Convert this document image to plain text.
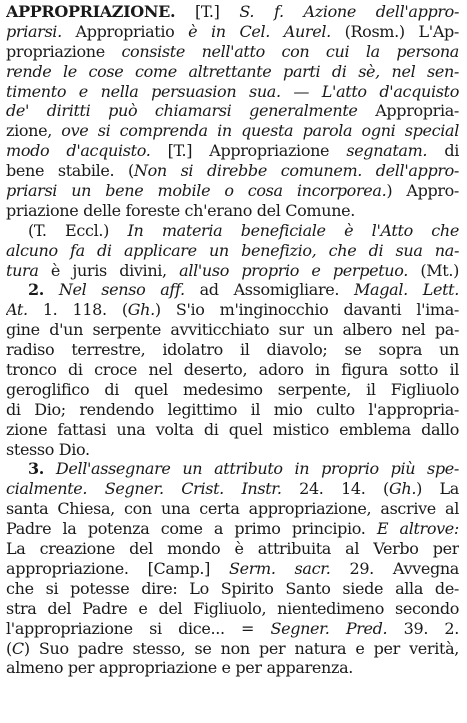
APPROPRIAZIONE. [T.] S. f. Azione dell'appro-
priarsi. Appropriatio è in Cel. Aurel. (Rosm.) L'Ap-
propriazione consiste nell'atto con cui la persona
rende le cose come altrettante parti di sè, nel sen-
timento e nella persuasion sua. — L'atto d'acquisto
de' diritti può chiamarsi generalmente Appropria-
zione, ove si comprenda in questa parola ogni special
modo d'acquisto. [T.] Appropriazione segnatam. di
bene stabile. (Non si direbbe comunem. dell'appro-
priarsi un bene mobile o cosa incorporea.) Appro-
priazione delle foreste ch'erano del Comune.
(T. Eccl.) In materia beneficiale è l'Atto che
alcuno fa di applicare un benefizio, che di sua na-
tura è juris divini, all'uso proprio e perpetuo. (Mt.)
2. Nel senso aff. ad Assomigliare. Magal. Lett.
At. 1. 118. (Gh.) S'io m'inginocchio davanti l'ima-
gine d'un serpente avviticchiato sur un albero nel pa-
radiso terrestre, idolatro il diavolo; se sopra un
tronco di croce nel deserto, adoro in figura sotto il
geroglifico di quel medesimo serpente, il Figliuolo
di Dio; rendendo legittimo il mio culto l'appropria-
zione fattasi una volta di quel mistico emblema dallo
stesso Dio.
3. Dell'assegnare un attributo in proprio più spe-
cialmente. Segner. Crist. Instr. 24. 14. (Gh.) La
santa Chiesa, con una certa appropriazione, ascrive al
Padre la potenza come a primo principio. E altrove:
La creazione del mondo è attribuita al Verbo per
appropriazione. [Camp.] Serm. sacr. 29. Avvegna
che si potesse dire: Lo Spirito Santo siede alla de-
stra del Padre e del Figliuolo, nientedimeno secondo
l'appropriazione si dice... = Segner. Pred. 39. 2.
(C) Suo padre stesso, se non per natura e per verità,
almeno per appropriazione e per apparenza.
